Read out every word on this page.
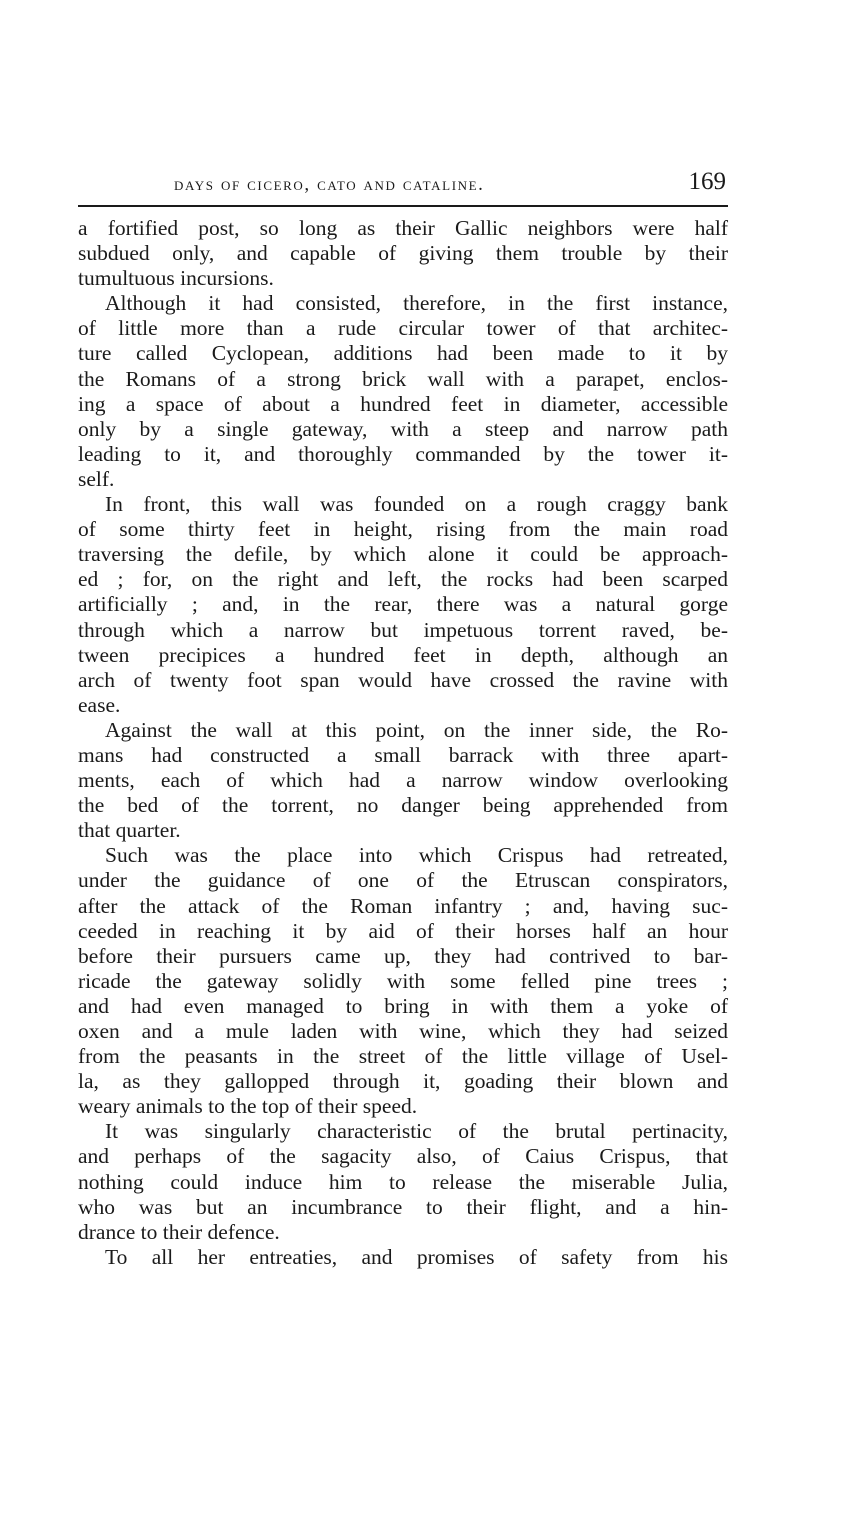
days of cicero, cato and cataline.	169
a fortified post, so long as their Gallic neighbors were half
subdued only, and capable of giving them trouble by their
tumultuous incursions.
Although it had consisted, therefore, in the first instance,
of little more than a rude circular tower of that architec-
ture called Cyclopean, additions had been made to it by
the Romans of a strong brick wall with a parapet, enclos-
ing a space of about a hundred feet in diameter, accessible
only by a single gateway, with a steep and narrow path
leading to it, and thoroughly commanded by the tower it-
self.
In front, this wall was founded on a rough craggy bank
of some thirty feet in height, rising from the main road
traversing the defile, by which alone it could be approach-
ed ; for, on the right and left, the rocks had been scarped
artificially ; and, in the rear, there was a natural gorge
through which a narrow but impetuous torrent raved, be-
tween precipices a hundred feet in depth, although an
arch of twenty foot span would have crossed the ravine with
ease.
Against the wall at this point, on the inner side, the Ro-
mans had constructed a small barrack with three apart-
ments, each of which had a narrow window overlooking
the bed of the torrent, no danger being apprehended from
that quarter.
Such was the place into which Crispus had retreated,
under the guidance of one of the Etruscan conspirators,
after the attack of the Roman infantry ; and, having suc-
ceeded in reaching it by aid of their horses half an hour
before their pursuers came up, they had contrived to bar-
ricade the gateway solidly with some felled pine trees ;
and had even managed to bring in with them a yoke of
oxen and a mule laden with wine, which they had seized
from the peasants in the street of the little village of Usel-
la, as they gallopped through it, goading their blown and
weary animals to the top of their speed.
It was singularly characteristic of the brutal pertinacity,
and perhaps of the sagacity also, of Caius Crispus, that
nothing could induce him to release the miserable Julia,
who was but an incumbrance to their flight, and a hin-
drance to their defence.
To all her entreaties, and promises of safety from his
